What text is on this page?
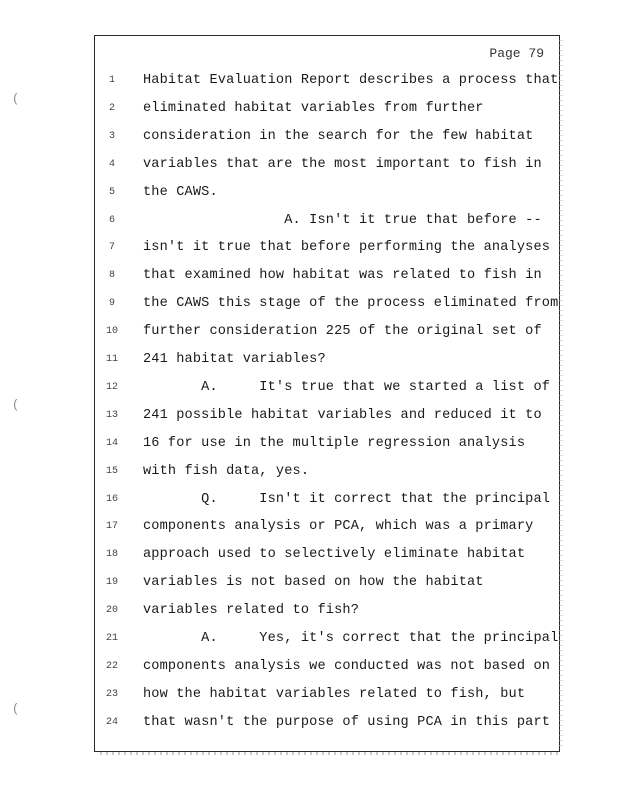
Page 79
1	Habitat Evaluation Report describes a process that
2	eliminated habitat variables from further
3	consideration in the search for the few habitat
4	variables that are the most important to fish in
5	the CAWS.
6	A. Isn't it true that before --
7	isn't it true that before performing the analyses
8	that examined how habitat was related to fish in
9	the CAWS this stage of the process eliminated from
10	further consideration 225 of the original set of
11	241 habitat variables?
12	A.     It's true that we started a list of
13	241 possible habitat variables and reduced it to
14	16 for use in the multiple regression analysis
15	with fish data, yes.
16	Q.     Isn't it correct that the principal
17	components analysis or PCA, which was a primary
18	approach used to selectively eliminate habitat
19	variables is not based on how the habitat
20	variables related to fish?
21	A.     Yes, it's correct that the principal
22	components analysis we conducted was not based on
23	how the habitat variables related to fish, but
24	that wasn't the purpose of using PCA in this part
(
(
(
